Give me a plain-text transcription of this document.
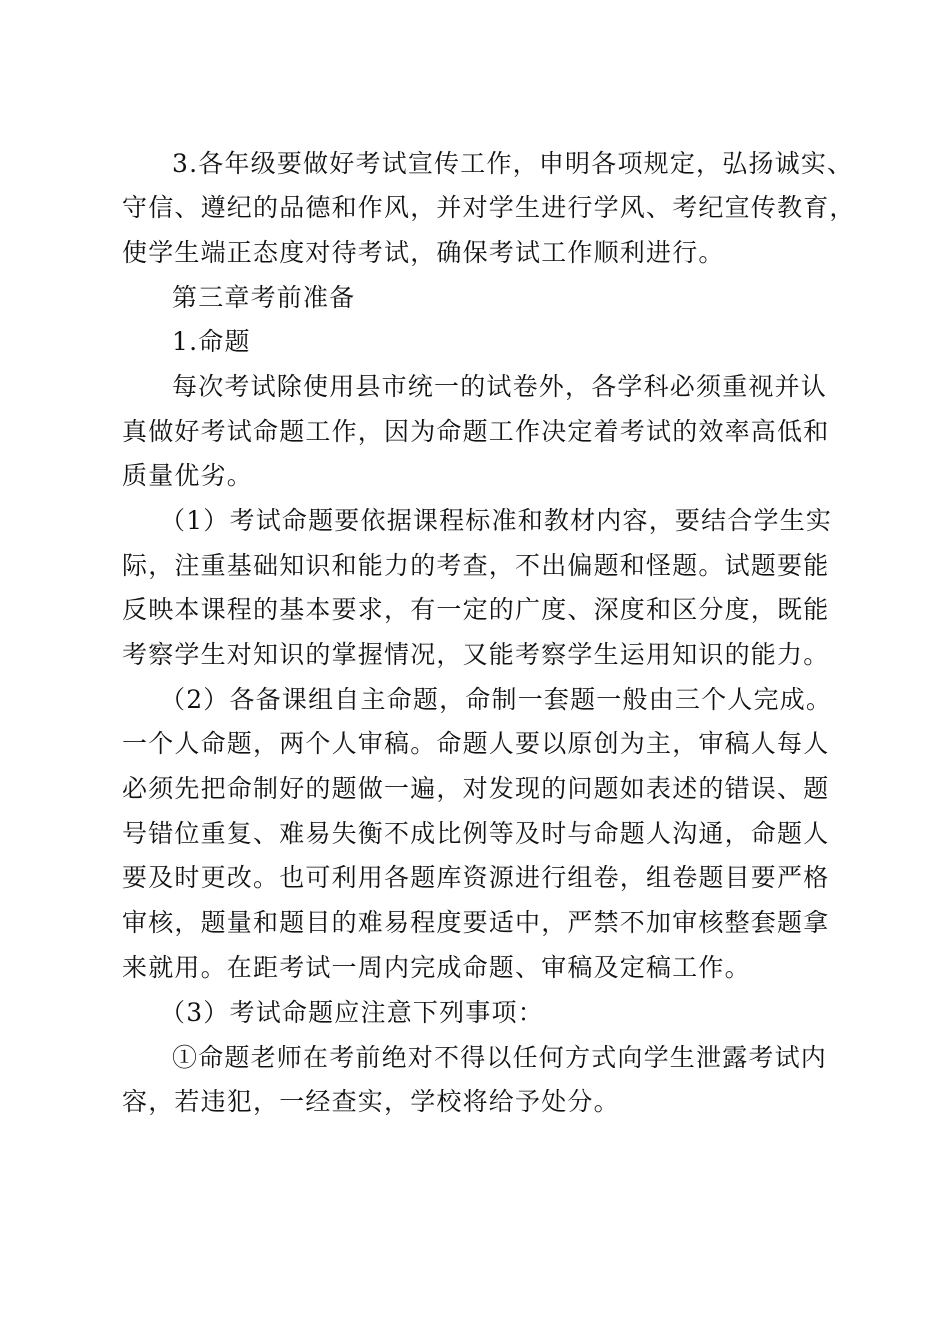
3.各年级要做好考试宣传工作，申明各项规定，弘扬诚实、
守信、遵纪的品德和作风，并对学生进行学风、考纪宣传教育，
使学生端正态度对待考试，确保考试工作顺利进行。
第三章考前准备
1.命题
每次考试除使用县市统一的试卷外，各学科必须重视并认
真做好考试命题工作，因为命题工作决定着考试的效率高低和
质量优劣。
（1）考试命题要依据课程标准和教材内容，要结合学生实
际，注重基础知识和能力的考查，不出偏题和怪题。试题要能
反映本课程的基本要求，有一定的广度、深度和区分度，既能
考察学生对知识的掌握情况，又能考察学生运用知识的能力。
（2）各备课组自主命题，命制一套题一般由三个人完成。
一个人命题，两个人审稿。命题人要以原创为主，审稿人每人
必须先把命制好的题做一遍，对发现的问题如表述的错误、题
号错位重复、难易失衡不成比例等及时与命题人沟通，命题人
要及时更改。也可利用各题库资源进行组卷，组卷题目要严格
审核，题量和题目的难易程度要适中，严禁不加审核整套题拿
来就用。在距考试一周内完成命题、审稿及定稿工作。
（3）考试命题应注意下列事项：
①命题老师在考前绝对不得以任何方式向学生泄露考试内
容，若违犯，一经查实，学校将给予处分。
